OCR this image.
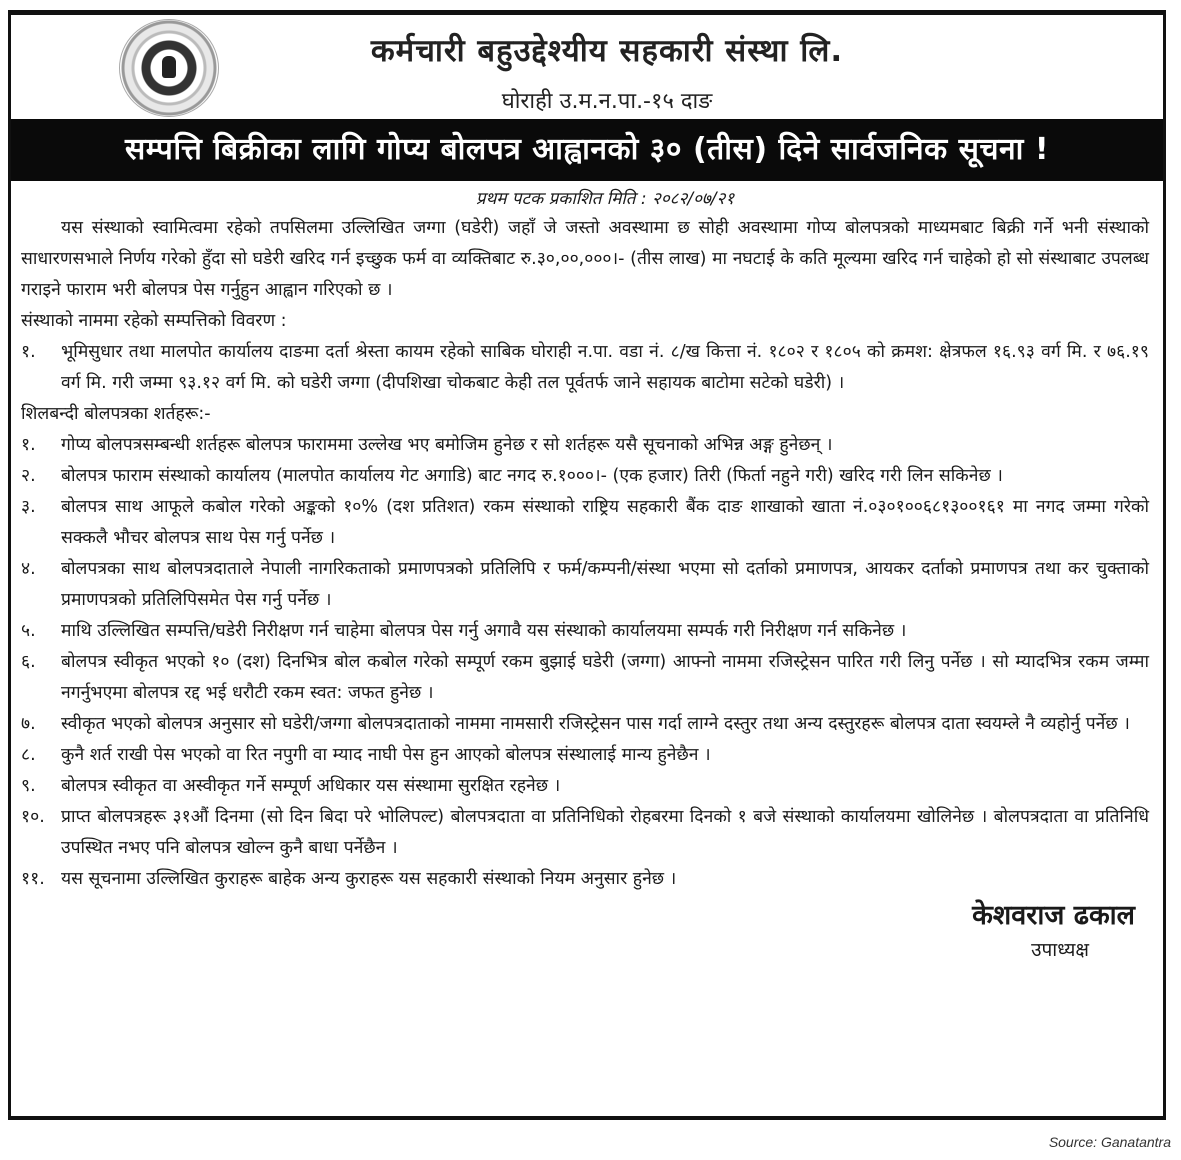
कर्मचारी बहुउद्देश्यीय सहकारी संस्था लि.
घोराही उ.म.न.पा.-१५ दाङ
सम्पत्ति बिक्रीका लागि गोप्य बोलपत्र आह्वानको ३० (तीस) दिने सार्वजनिक सूचना !
प्रथम पटक प्रकाशित मिति : २०८२/०७/२१
यस संस्थाको स्वामित्वमा रहेको तपसिलमा उल्लिखित जग्गा (घडेरी) जहाँ जे जस्तो अवस्थामा छ सोही अवस्थामा गोप्य बोलपत्रको माध्यमबाट बिक्री गर्ने भनी संस्थाको साधारणसभाले निर्णय गरेको हुँदा सो घडेरी खरिद गर्न इच्छुक फर्म वा व्यक्तिबाट रु.३०,००,०००।- (तीस लाख) मा नघटाई के कति मूल्यमा खरिद गर्न चाहेको हो सो संस्थाबाट उपलब्ध गराइने फाराम भरी बोलपत्र पेस गर्नुहुन आह्वान गरिएको छ ।
संस्थाको नाममा रहेको सम्पत्तिको विवरण :
१.	भूमिसुधार तथा मालपोत कार्यालय दाङमा दर्ता श्रेस्ता कायम रहेको साबिक घोराही न.पा. वडा नं. ८/ख कित्ता नं. १८०२ र १८०५ को क्रमश: क्षेत्रफल १६.९३ वर्ग मि. र ७६.१९ वर्ग मि. गरी जम्मा ९३.१२ वर्ग मि. को घडेरी जग्गा (दीपशिखा चोकबाट केही तल पूर्वतर्फ जाने सहायक बाटोमा सटेको घडेरी) ।
शिलबन्दी बोलपत्रका शर्तहरू:-
१.	गोप्य बोलपत्रसम्बन्धी शर्तहरू बोलपत्र फाराममा उल्लेख भए बमोजिम हुनेछ र सो शर्तहरू यसै सूचनाको अभिन्न अङ्ग हुनेछन् ।
२.	बोलपत्र फाराम संस्थाको कार्यालय (मालपोत कार्यालय गेट अगाडि) बाट नगद रु.१०००।- (एक हजार) तिरी (फिर्ता नहुने गरी) खरिद गरी लिन सकिनेछ ।
३.	बोलपत्र साथ आफूले कबोल गरेको अङ्कको १०% (दश प्रतिशत) रकम संस्थाको राष्ट्रिय सहकारी बैंक दाङ शाखाको खाता नं.०३०१००६८१३००१६१ मा नगद जम्मा गरेको सक्कलै भौचर बोलपत्र साथ पेस गर्नु पर्नेछ ।
४.	बोलपत्रका साथ बोलपत्रदाताले नेपाली नागरिकताको प्रमाणपत्रको प्रतिलिपि र फर्म/कम्पनी/संस्था भएमा सो दर्ताको प्रमाणपत्र, आयकर दर्ताको प्रमाणपत्र तथा कर चुक्ताको प्रमाणपत्रको प्रतिलिपिसमेत पेस गर्नु पर्नेछ ।
५.	माथि उल्लिखित सम्पत्ति/घडेरी निरीक्षण गर्न चाहेमा बोलपत्र पेस गर्नु अगावै यस संस्थाको कार्यालयमा सम्पर्क गरी निरीक्षण गर्न सकिनेछ ।
६.	बोलपत्र स्वीकृत भएको १० (दश) दिनभित्र बोल कबोल गरेको सम्पूर्ण रकम बुझाई घडेरी (जग्गा) आफ्नो नाममा रजिस्ट्रेसन पारित गरी लिनु पर्नेछ । सो म्यादभित्र रकम जम्मा नगर्नुभएमा बोलपत्र रद्द भई धरौटी रकम स्वत: जफत हुनेछ ।
७.	स्वीकृत भएको बोलपत्र अनुसार सो घडेरी/जग्गा बोलपत्रदाताको नाममा नामसारी रजिस्ट्रेसन पास गर्दा लाग्ने दस्तुर तथा अन्य दस्तुरहरू बोलपत्र दाता स्वयम्ले नै व्यहोर्नु पर्नेछ ।
८.	कुनै शर्त राखी पेस भएको वा रित नपुगी वा म्याद नाघी पेस हुन आएको बोलपत्र संस्थालाई मान्य हुनेछैन ।
९.	बोलपत्र स्वीकृत वा अस्वीकृत गर्ने सम्पूर्ण अधिकार यस संस्थामा सुरक्षित रहनेछ ।
१०. प्राप्त बोलपत्रहरू ३१औं दिनमा (सो दिन बिदा परे भोलिपल्ट) बोलपत्रदाता वा प्रतिनिधिको रोहबरमा दिनको १ बजे संस्थाको कार्यालयमा खोलिनेछ । बोलपत्रदाता वा प्रतिनिधि उपस्थित नभए पनि बोलपत्र खोल्न कुनै बाधा पर्नेछैन ।
११. यस सूचनामा उल्लिखित कुराहरू बाहेक अन्य कुराहरू यस सहकारी संस्थाको नियम अनुसार हुनेछ ।
केशवराज ढकाल
उपाध्यक्ष
Source: Ganatantra
